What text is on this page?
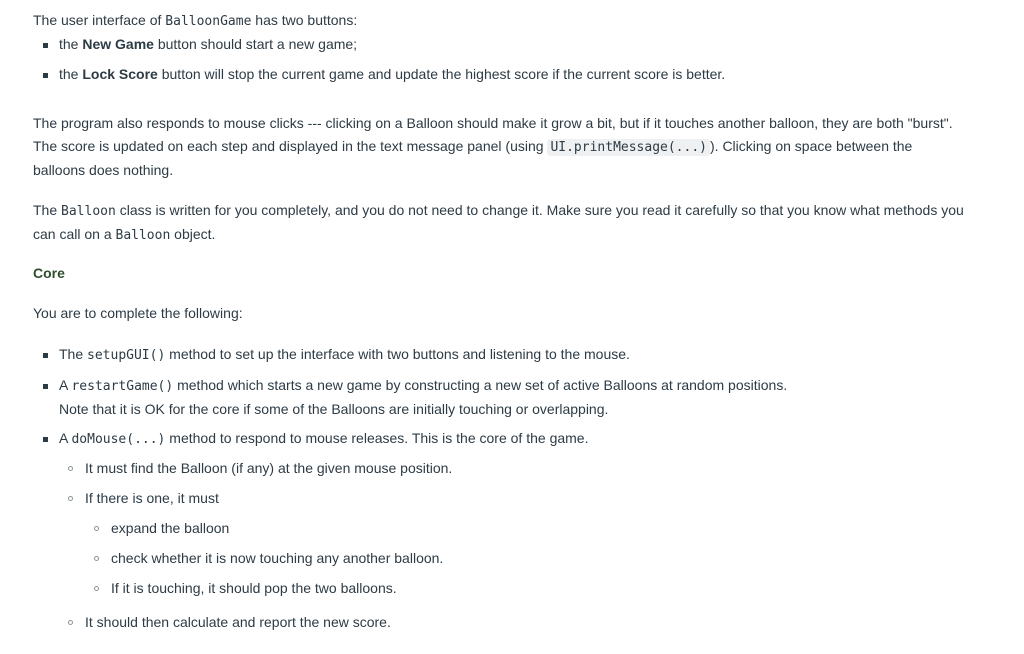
The user interface of BalloonGame has two buttons:

the New Game button should start a new game;

the Lock Score button will stop the current game and update the highest score if the current score is better.

The program also responds to mouse clicks --- clicking on a Balloon should make it grow a bit, but if it touches another balloon, they are both "burst".
The score is updated on each step and displayed in the text message panel (using UI.printMessage(...) ). Clicking on space between the
balloons does nothing.
The Balloon class is written for you completely, and you do not need to change it. Make sure you read it carefully so that you know what methods you
can call on a Balloon object.
Core

You are to complete the following:

The setupGUI() method to set up the interface with two buttons and listening to the mouse.

A restartGame() method which starts a new game by constructing a new set of active Balloons at random positions.
Note that it is OK for the core if some of the Balloons are initially touching or overlapping.

A doMouse(...) method to respond to mouse releases. This is the core of the game.

It must find the Balloon (if any) at the given mouse position.

If there is one, it must

expand the balloon

check whether it is now touching any another balloon.

If it is touching, it should pop the two balloons.

It should then calculate and report the new score.
